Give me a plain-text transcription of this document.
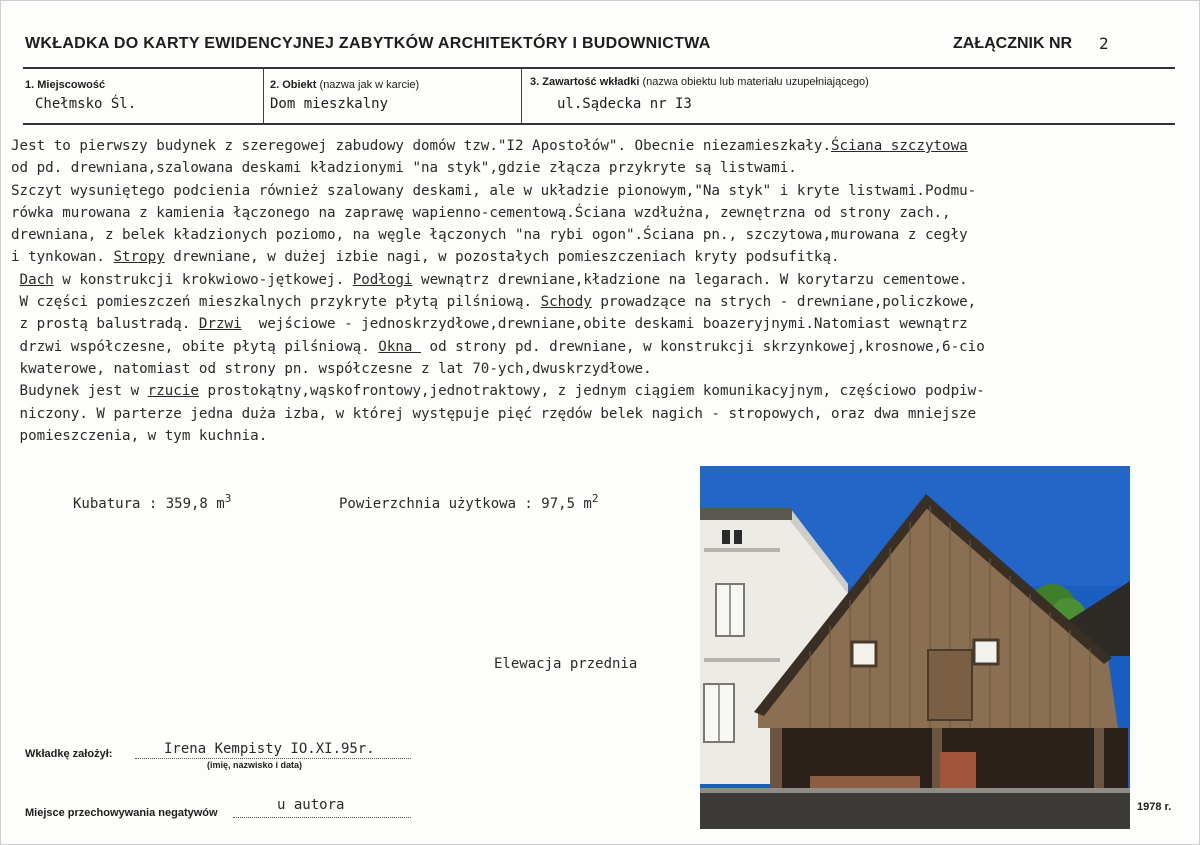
WKŁADKA DO KARTY EWIDENCYJNEJ ZABYTKÓW ARCHITEKTÓRY I BUDOWNICTWA	ZAŁĄCZNIK NR 2
1. Miejscowość
Chełmsko Śl.
2. Obiekt (nazwa jak w karcie)
Dom mieszkalny
3. Zawartość wkładki (nazwa obiektu lub materiału uzupełniającego)
ul.Sądecka nr I3
Jest to pierwszy budynek z szeregowej zabudowy domów tzw."I2 Apostołów". Obecnie niezamieszkały.Ściana szczytowa
od pd. drewniana,szalowana deskami kładzionymi "na styk",gdzie złącza przykryte są listwami.
Szczyt wysuniętego podcienia również szalowany deskami, ale w układzie pionowym,"Na styk" i kryte listwami.Podmu-
rówka murowana z kamienia łączonego na zaprawę wapienno-cementową.Ściana wzdłużna, zewnętrzna od strony zach.,
drewniana, z belek kładzionych poziomo, na węgle łączonych "na rybi ogon".Ściana pn., szczytowa,murowana z cegły
i tynkowan. Stropy drewniane, w dużej izbie nagi, w pozostałych pomieszczeniach kryty podsufitką.
Dach w konstrukcji krokwiowo-jętkowej. Podłogi wewnątrz drewniane,kładzione na legarach. W korytarzu cementowe.
W części pomieszczeń mieszkalnych przykryte płytą pilśniową. Schody prowadzące na strych - drewniane,policzkowe,
z prostą balustradą. Drzwi  wejściowe - jednoskrzydłowe,drewniane,obite deskami boazeryjnymi.Natomiast wewnątrz
drzwi współczesne, obite płytą pilśniową. Okna  od strony pd. drewniane, w konstrukcji skrzynkowej,krosnowe,6-cio
kwaterowe, natomiast od strony pn. współczesne z lat 70-ych,dwuskrzydłowe.
Budynek jest w rzucie prostokątny,wąskofrontowy,jednotraktowy, z jednym ciągiem komunikacyjnym, częściowo podpiw-
niczony. W parterze jedna duża izba, w której występuje pięć rzędów belek nagich - stropowych, oraz dwa mniejsze
pomieszczenia, w tym kuchnia.
Kubatura : 359,8 $m^3$	Powierzchnia użytkowa : 97,5 $m^2$
Elewacja przednia
1978 r.
Wkładkę założył:	Irena Kempisty IO.XI.95r.
(imię, nazwisko i data)
Miejsce przechowywania negatywów	u autora
